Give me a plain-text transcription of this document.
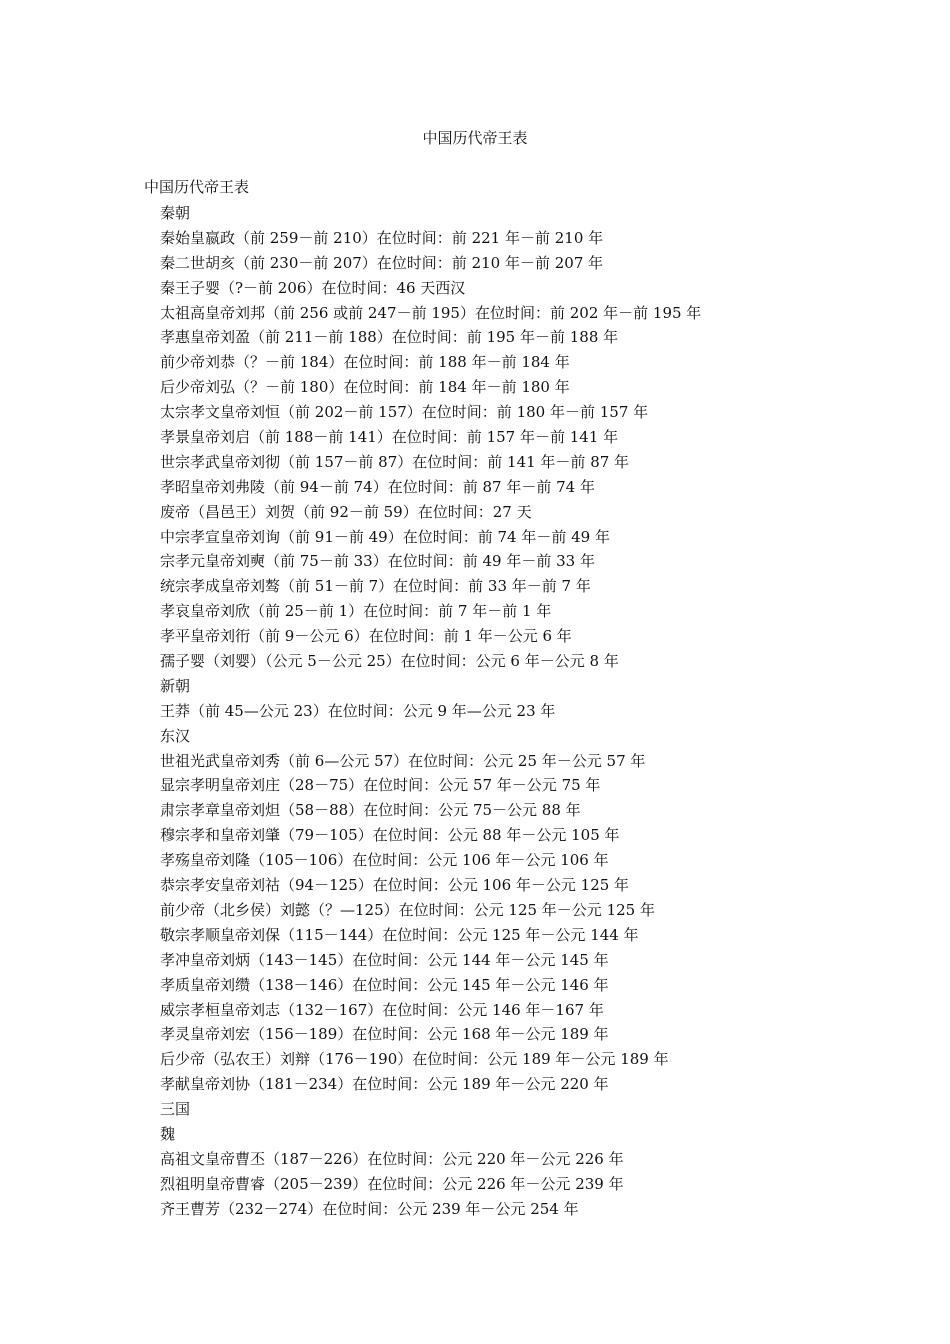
中国历代帝王表
中国历代帝王表
秦朝
秦始皇嬴政（前 259－前 210）在位时间：前 221 年－前 210 年
秦二世胡亥（前 230－前 207）在位时间：前 210 年－前 207 年
秦王子婴（?－前 206）在位时间：46 天西汉
太祖高皇帝刘邦（前 256 或前 247－前 195）在位时间：前 202 年－前 195 年
孝惠皇帝刘盈（前 211－前 188）在位时间：前 195 年－前 188 年
前少帝刘恭（？－前 184）在位时间：前 188 年－前 184 年
后少帝刘弘（？－前 180）在位时间：前 184 年－前 180 年
太宗孝文皇帝刘恒（前 202－前 157）在位时间：前 180 年－前 157 年
孝景皇帝刘启（前 188－前 141）在位时间：前 157 年－前 141 年
世宗孝武皇帝刘彻（前 157－前 87）在位时间：前 141 年－前 87 年
孝昭皇帝刘弗陵（前 94－前 74）在位时间：前 87 年－前 74 年
废帝（昌邑王）刘贺（前 92－前 59）在位时间：27 天
中宗孝宣皇帝刘询（前 91－前 49）在位时间：前 74 年－前 49 年
宗孝元皇帝刘奭（前 75－前 33）在位时间：前 49 年－前 33 年
统宗孝成皇帝刘骜（前 51－前 7）在位时间：前 33 年－前 7 年
孝哀皇帝刘欣（前 25－前 1）在位时间：前 7 年－前 1 年
孝平皇帝刘衎（前 9－公元 6）在位时间：前 1 年－公元 6 年
孺子婴（刘婴）（公元 5－公元 25）在位时间：公元 6 年－公元 8 年
新朝
王莽（前 45—公元 23）在位时间：公元 9 年—公元 23 年
东汉
世祖光武皇帝刘秀（前 6—公元 57）在位时间：公元 25 年－公元 57 年
显宗孝明皇帝刘庄（28－75）在位时间：公元 57 年－公元 75 年
肃宗孝章皇帝刘炟（58－88）在位时间：公元 75－公元 88 年
穆宗孝和皇帝刘肇（79－105）在位时间：公元 88 年－公元 105 年
孝殇皇帝刘隆（105－106）在位时间：公元 106 年－公元 106 年
恭宗孝安皇帝刘祜（94－125）在位时间：公元 106 年－公元 125 年
前少帝（北乡侯）刘懿（？—125）在位时间：公元 125 年－公元 125 年
敬宗孝顺皇帝刘保（115－144）在位时间：公元 125 年－公元 144 年
孝冲皇帝刘炳（143－145）在位时间：公元 144 年－公元 145 年
孝质皇帝刘缵（138－146）在位时间：公元 145 年－公元 146 年
威宗孝桓皇帝刘志（132－167）在位时间：公元 146 年－167 年
孝灵皇帝刘宏（156－189）在位时间：公元 168 年－公元 189 年
后少帝（弘农王）刘辩（176－190）在位时间：公元 189 年－公元 189 年
孝献皇帝刘协（181－234）在位时间：公元 189 年－公元 220 年
三国
魏
高祖文皇帝曹丕（187－226）在位时间：公元 220 年－公元 226 年
烈祖明皇帝曹睿（205－239）在位时间：公元 226 年－公元 239 年
齐王曹芳（232－274）在位时间：公元 239 年－公元 254 年
